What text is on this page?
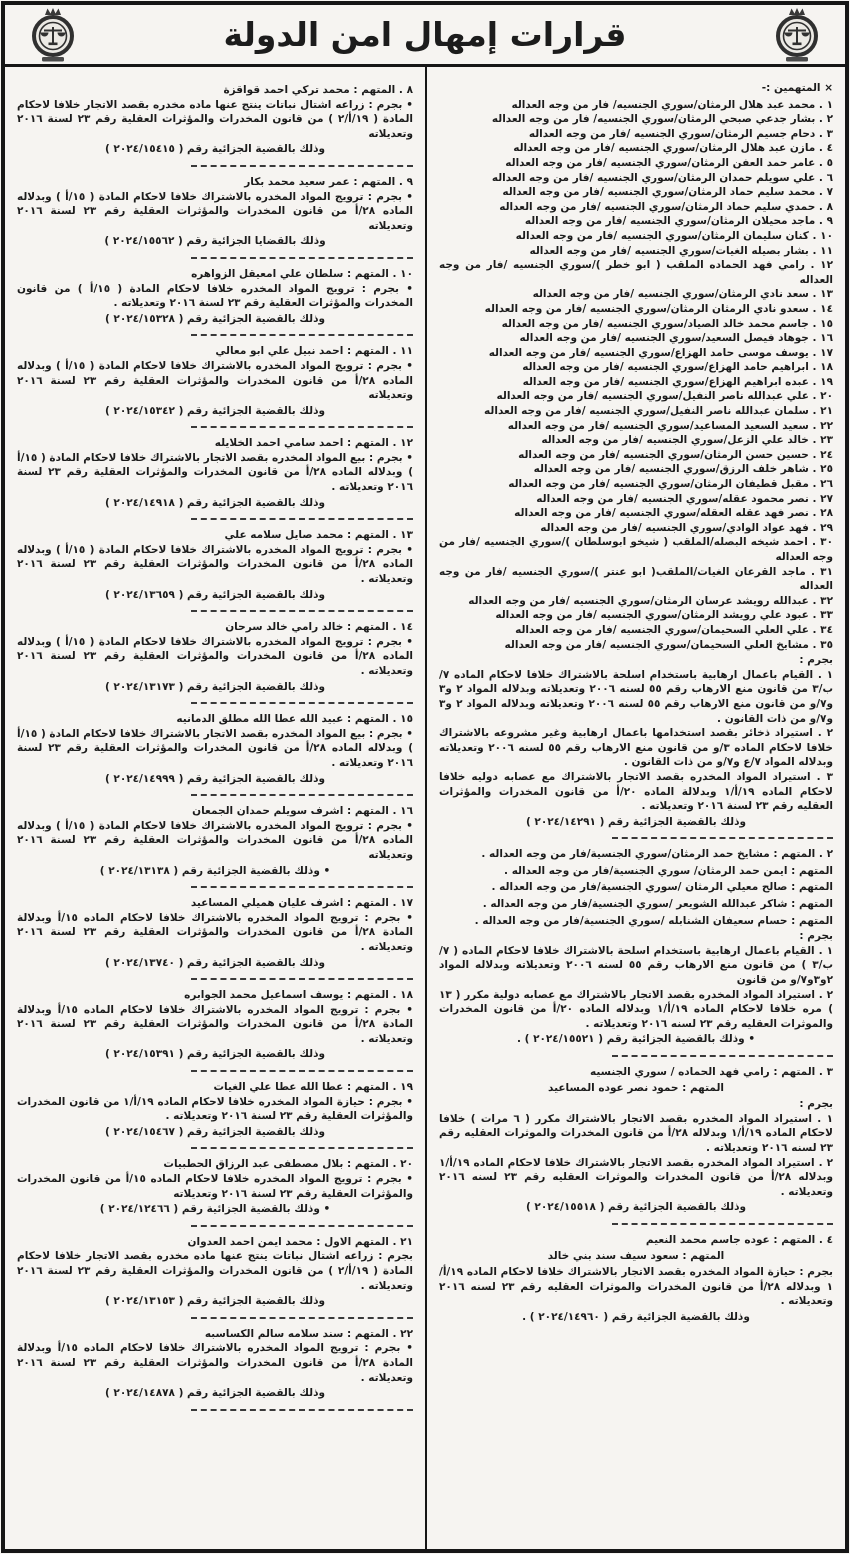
قرارات إمهال امن الدولة
× المتهمين :-
١ . محمد عبد هلال الرمثان/سوري الجنسيه/ فار من وجه العداله
٢ . بشار جدعي صبحي الرمثان/سوري الجنسيه/ فار من وجه العداله
٣ . دحام جسيم الرمثان/سوري الجنسيه /فار من وجه العداله
٤ . مازن عبد هلال الرمثان/سوري الجنسيه /فار من وجه العداله
٥ . عامر حمد العفن الرمثان/سوري الجنسيه /فار من وجه العداله
٦ . علي سويلم حمدان الرمثان/سوري الجنسيه /فار من وجه العداله
٧ . محمد سليم حماد الرمثان/سوري الجنسيه /فار من وجه العداله
٨ . حمدي سليم حماد الرمثان/سوري الجنسيه /فار من وجه العداله
٩ . ماجد محيلان الرمثان/سوري الجنسيه /فار من وجه العداله
١٠ . كنان سليمان الرمثان/سوري الجنسيه /فار من وجه العداله
١١ . بشار بصيله الغيات/سوري الجنسيه /فار من وجه العداله
١٢ . رامي فهد الحماده الملقب ( ابو خطر )/سوري الجنسيه /فار من وجه العداله
١٣ . سعد نادي الرمثان/سوري الجنسيه /فار من وجه العداله
١٤ . سعدو نادي الرمثان الرمثان/سوري الجنسيه /فار من وجه العداله
١٥ . جاسم محمد خالد الصياد/سوري الجنسيه /فار من وجه العداله
١٦ . جوهاد فيصل السعيد/سوري الجنسيه /فار من وجه العداله
١٧ . يوسف موسى حامد الهزاع/سوري الجنسيه /فار من وجه العداله
١٨ . ابراهيم حامد الهزاع/سوري الجنسيه /فار من وجه العداله
١٩ . عبده ابراهيم الهزاع/سوري الجنسيه /فار من وجه العداله
٢٠ . علي عبدالله ناصر النفيل/سوري الجنسيه /فار من وجه العداله
٢١ . سلمان عبدالله ناصر النفيل/سوري الجنسيه /فار من وجه العداله
٢٢ . سعيد السعيد المساعيد/سوري الجنسيه /فار من وجه العداله
٢٣ . خالد علي الزعل/سوري الجنسيه /فار من وجه العداله
٢٤ . حسين حسن الرمثان/سوري الجنسيه /فار من وجه العداله
٢٥ . شاهر خلف الرزق/سوري الجنسيه /فار من وجه العداله
٢٦ . مقبل قطيفان الرمثان/سوري الجنسيه /فار من وجه العداله
٢٧ . نصر محمود عقله/سوري الجنسيه /فار من وجه العداله
٢٨ . نصر فهد عقله العقله/سوري الجنسيه /فار من وجه العداله
٢٩ . فهد عواد الوادي/سوري الجنسيه /فار من وجه العداله
٣٠ . احمد شيخه البصله/الملقب ( شيخو ابوسلطان )/سوري الجنسيه /فار من وجه العداله
٣١ . ماجد القرعان الغيات/الملقب( ابو عنتر )/سوري الجنسيه /فار من وجه العداله
٣٢ . عبدالله رويشد عرسان الرمثان/سوري الجنسيه /فار من وجه العداله
٣٣ . عبود علي رويشد الرمثان/سوري الجنسيه /فار من وجه العداله
٣٤ . علي العلي السحيمان/سوري الجنسيه /فار من وجه العداله
٣٥ . مشايخ العلي السحيمان/سوري الجنسيه /فار من وجه العداله
بجرم :
١ . القيام باعمال ارهابية باستخدام اسلحة بالاشتراك خلافا لاحكام الماده ٧/ب/٣ من قانون منع الارهاب رقم ٥٥ لسنه ٢٠٠٦ وتعديلاته وبدلاله المواد ٢ و٣ و٧/و من قانون منع الارهاب رقم ٥٥ لسنه ٢٠٠٦ وتعديلاته وبدلاله المواد ٢ و٣ و٧/و من ذات القانون .
٢ . استيراد ذخائر بقصد استخدامها باعمال ارهابية وغير مشروعه بالاشتراك خلافا لاحكام الماده ٣/و من قانون منع الارهاب رقم ٥٥ لسنه ٢٠٠٦ وتعديلاته وبدلاله المواد ٧/ع و٧/و من ذات القانون .
٣ . استيراد المواد المخدره بقصد الاتجار بالاشتراك مع عصابه دوليه خلافا لاحكام الماده ١٩/أ/١ وبدلالة الماده ٢٠/أ من قانون المخدرات والمؤثرات العقليه رقم ٢٣ لسنة ٢٠١٦ وتعديلاته .
وذلك بالقضية الجزائية رقم ( ٢٠٢٤/١٤٢٩١ )
٢ . المتهم : مشايخ حمد الرمثان/سوري الجنسية/فار من وجه العداله .
المتهم : ايمن حمد الرمثان/ سوري الجنسية/فار من وجه العداله .
المتهم : صالح معيلي الرمثان /سوري الجنسية/فار من وجه العداله .
المتهم : شاكر عبدالله الشويعر /سوري الجنسية/فار من وجه العداله .
المتهم : حسام سعيفان الشنابله /سوري الجنسية/فار من وجه العداله .
بجرم :
١ . القيام باعمال ارهابية باستخدام اسلحة بالاشتراك خلافا لاحكام الماده ( ٧/ب/٣ ) من قانون منع الارهاب رقم ٥٥ لسنه ٢٠٠٦ وتعديلاته وبدلاله المواد ٢و٣و٧/و من قانون
٢ . استيراد المواد المخدره بقصد الاتجار بالاشتراك مع عصابه دولية مكرر ( ١٣ ) مره خلافا لاحكام الماده ١٩/أ/١ وبدلاله الماده ٢٠/أ من قانون المخدرات والموثرات العقليه رقم ٢٣ لسنه ٢٠١٦ وتعديلاته .
• وذلك بالقضية الجزائية رقم ( ٢٠٢٤/١٥٥٢١ ) .
٣ . المتهم : رامي فهد الحماده / سوري الجنسيه
المتهم : حمود نصر عوده المساعيد
بجرم :
١ . استيراد المواد المخدره بقصد الاتجار بالاشتراك مكرر ( ٦ مرات ) خلافا لاحكام الماده ١٩/أ/١ وبدلاله ٢٨/أ من قانون المخدرات والموثرات العقليه رقم ٢٣ لسنه ٢٠١٦ وتعديلاته .
٢ . استيراد المواد المخدره بقصد الاتجار بالاشتراك خلافا لاحكام الماده ١٩/أ/١ وبدلاله ٢٨/أ من قانون المخدرات والموثرات العقليه رقم ٢٣ لسنه ٢٠١٦ وتعديلاته .
وذلك بالقضية الجزائية رقم ( ٢٠٢٤/١٥٥١٨ )
٤ . المتهم : عوده جاسم محمد النعيم
المتهم : سعود سيف سند بني خالد
بجرم : حيازة المواد المخدره بقصد الاتجار بالاشتراك خلافا لاحكام الماده ١٩/أ/١ وبدلاله ٢٨/أ من قانون المخدرات والموثرات العقليه رقم ٢٣ لسنه ٢٠١٦ وتعديلاته .
وذلك بالقضية الجزائية رقم ( ٢٠٢٤/١٤٩٦٠ ) .
٨ . المتهم : محمد تركي احمد قواقزة
• بجرم : زراعه اشتال نباتات ينتج عنها ماده مخدره بقصد الاتجار خلافا لاحكام المادة ( ١٩/أ/٢ ) من قانون المخدرات والمؤثرات العقلية رقم ٢٣ لسنة ٢٠١٦ وتعديلاته
وذلك بالقضية الجزائية رقم ( ٢٠٢٤/١٥٤١٥ )
٩ . المتهم : عمر سعيد محمد بكار
• بجرم : ترويج المواد المخدره بالاشتراك خلافا لاحكام المادة ( ١٥/أ ) وبدلاله الماده ٢٨/أ من قانون المخدرات والمؤثرات العقلية رقم ٢٣ لسنة ٢٠١٦ وتعديلاته
وذلك بالقضايا الجزائية رقم ( ٢٠٢٤/١٥٥٦٢ )
١٠ . المتهم : سلطان علي امعيقل الزواهره
• بجرم : ترويج المواد المخدره خلافا لاحكام المادة ( ١٥/أ ) من قانون المخدرات والمؤثرات العقلية رقم ٢٣ لسنة ٢٠١٦ وتعديلاته .
وذلك بالقضية الجزائية رقم ( ٢٠٢٤/١٥٣٢٨ )
١١ . المتهم : احمد نبيل علي ابو معالي
• بجرم : ترويج المواد المخدره بالاشتراك خلافا لاحكام المادة ( ١٥/أ ) وبدلاله الماده ٢٨/أ من قانون المخدرات والمؤثرات العقلية رقم ٢٣ لسنة ٢٠١٦ وتعديلاته
وذلك بالقضية الجزائية رقم ( ٢٠٢٤/١٥٣٤٢ )
١٢ . المتهم : احمد سامي احمد الخلايله
• بجرم : بيع المواد المخدره بقصد الاتجار بالاشتراك خلافا لاحكام المادة ( ١٥/أ ) وبدلاله الماده ٢٨/أ من قانون المخدرات والمؤثرات العقلية رقم ٢٣ لسنة ٢٠١٦ وتعديلاته .
وذلك بالقضية الجزائية رقم ( ٢٠٢٤/١٤٩١٨ )
١٣ . المتهم : محمد صايل سلامه علي
• بجرم : ترويج المواد المخدره بالاشتراك خلافا لاحكام المادة ( ١٥/أ ) وبدلاله الماده ٢٨/أ من قانون المخدرات والمؤثرات العقلية رقم ٢٣ لسنة ٢٠١٦ وتعديلاته .
وذلك بالقضية الجزائية رقم ( ٢٠٢٤/١٣٦٥٩ )
١٤ . المتهم : خالد رامي خالد سرحان
• بجرم : ترويج المواد المخدره بالاشتراك خلافا لاحكام المادة ( ١٥/أ ) وبدلاله الماده ٢٨/أ من قانون المخدرات والمؤثرات العقلية رقم ٢٣ لسنة ٢٠١٦ وتعديلاته .
وذلك بالقضية الجزائية رقم ( ٢٠٢٤/١٣١٧٣ )
١٥ . المتهم : عبيد الله عطا الله مطلق الدمانيه
• بجرم : بيع المواد المخدره بقصد الاتجار بالاشتراك خلافا لاحكام المادة ( ١٥/أ ) وبدلاله الماده ٢٨/أ من قانون المخدرات والمؤثرات العقلية رقم ٢٣ لسنة ٢٠١٦ وتعديلاته .
وذلك بالقضية الجزائية رقم ( ٢٠٢٤/١٤٩٩٩ )
١٦ . المتهم : اشرف سويلم حمدان الجمعان
• بجرم : ترويج المواد المخدره بالاشتراك خلافا لاحكام المادة ( ١٥/أ ) وبدلاله الماده ٢٨/أ من قانون المخدرات والمؤثرات العقلية رقم ٢٣ لسنة ٢٠١٦ وتعديلاته
• وذلك بالقضية الجزائية رقم ( ٢٠٢٤/١٣١٣٨ )
١٧ . المتهم : اشرف عليان هميلي المساعيد
• بجرم : ترويج المواد المخدره بالاشتراك خلافا لاحكام الماده ١٥/أ وبدلالة المادة ٢٨/أ من قانون المخدرات والمؤثرات العقلية رقم ٢٣ لسنة ٢٠١٦ وتعديلاته .
وذلك بالقضية الجزائية رقم ( ٢٠٢٤/١٣٧٤٠ )
١٨ . المتهم : يوسف اسماعيل محمد الجوابره
• بجرم : ترويج المواد المخدره بالاشتراك خلافا لاحكام الماده ١٥/أ وبدلالة المادة ٢٨/أ من قانون المخدرات والمؤثرات العقلية رقم ٢٣ لسنة ٢٠١٦ وتعديلاته .
وذلك بالقضية الجزائية رقم ( ٢٠٢٤/١٥٣٩١ )
١٩ . المتهم : عطا الله عطا علي الغيات
• بجرم : حيازة المواد المخدره خلافا لاحكام الماده ١٩/أ/١ من قانون المخدرات والمؤثرات العقلية رقم ٢٣ لسنة ٢٠١٦ وتعديلاته .
وذلك بالقضية الجزائية رقم ( ٢٠٢٤/١٥٤٦٧ )
٢٠ . المتهم : بلال مصطفى عبد الرزاق الحطبيات
• بجرم : ترويج المواد المخدره خلافا لاحكام الماده ١٥/أ من قانون المخدرات والمؤثرات العقلية رقم ٢٣ لسنة ٢٠١٦ وتعديلاته
• وذلك بالقضية الجزائية رقم ( ٢٠٢٤/١٢٤٦٦ )
٢١ . المتهم الاول : محمد ايمن احمد العدوان
بجرم : زراعه اشتال نباتات ينتج عنها ماده مخدره بقصد الاتجار خلافا لاحكام المادة ( ١٩/أ/٢ ) من قانون المخدرات والمؤثرات العقلية رقم ٢٣ لسنة ٢٠١٦ وتعديلاته .
وذلك بالقضية الجزائية رقم ( ٢٠٢٤/١٣١٥٣ )
٢٢ . المتهم : سند سلامه سالم الكساسبه
• بجرم : ترويج المواد المخدره بالاشتراك خلافا لاحكام الماده ١٥/أ وبدلالة المادة ٢٨/أ من قانون المخدرات والمؤثرات العقلية رقم ٢٣ لسنة ٢٠١٦ وتعديلاته .
وذلك بالقضية الجزائية رقم ( ٢٠٢٤/١٤٨٧٨ )
